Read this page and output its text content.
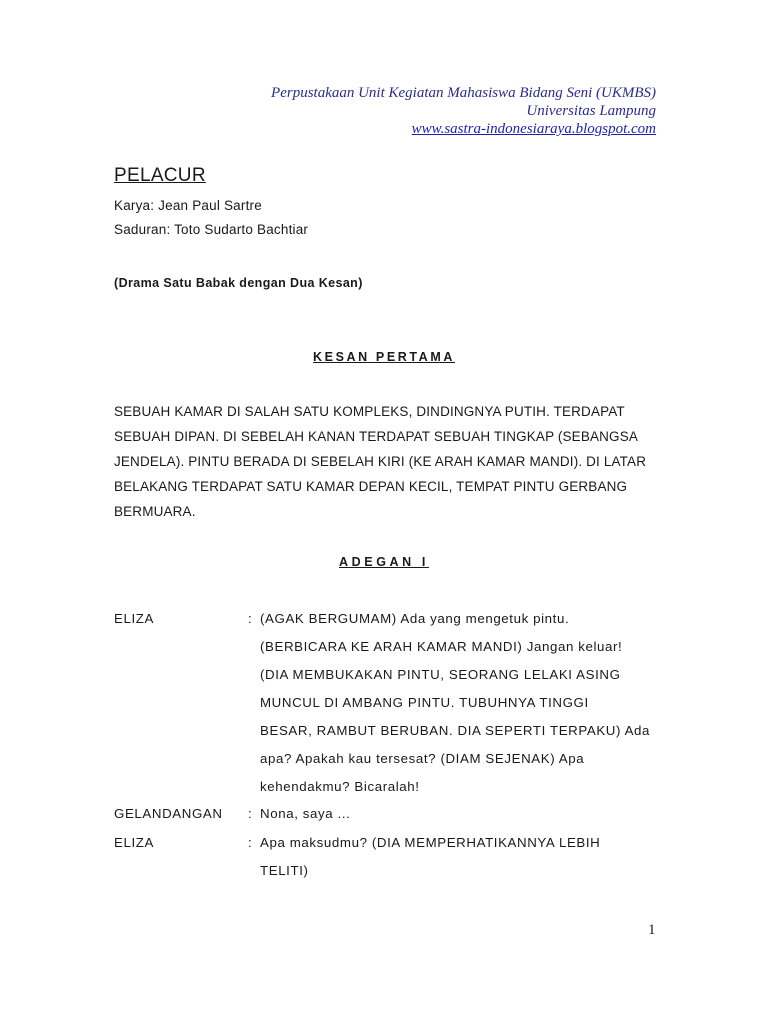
Perpustakaan Unit Kegiatan Mahasiswa Bidang Seni (UKMBS)
Universitas Lampung
www.sastra-indonesiaraya.blogspot.com
PELACUR
Karya: Jean Paul Sartre
Saduran: Toto Sudarto Bachtiar
(Drama Satu Babak dengan Dua Kesan)
KESAN PERTAMA
SEBUAH KAMAR DI SALAH SATU KOMPLEKS, DINDINGNYA PUTIH. TERDAPAT
SEBUAH DIPAN. DI SEBELAH KANAN TERDAPAT SEBUAH TINGKAP (SEBANGSA
JENDELA). PINTU BERADA DI SEBELAH KIRI (KE ARAH KAMAR MANDI). DI LATAR
BELAKANG TERDAPAT SATU KAMAR DEPAN KECIL, TEMPAT PINTU GERBANG
BERMUARA.
ADEGAN I
ELIZA	: (AGAK BERGUMAM) Ada yang mengetuk pintu.
(BERBICARA KE ARAH KAMAR MANDI) Jangan keluar!
(DIA MEMBUKAKAN PINTU, SEORANG LELAKI ASING
MUNCUL DI AMBANG PINTU. TUBUHNYA TINGGI
BESAR, RAMBUT BERUBAN. DIA SEPERTI TERPAKU) Ada
apa? Apakah kau tersesat? (DIAM SEJENAK) Apa
kehendakmu? Bicaralah!
GELANDANGAN : Nona, saya ...
ELIZA	: Apa maksudmu? (DIA MEMPERHATIKANNYA LEBIH
TELITI)
1
